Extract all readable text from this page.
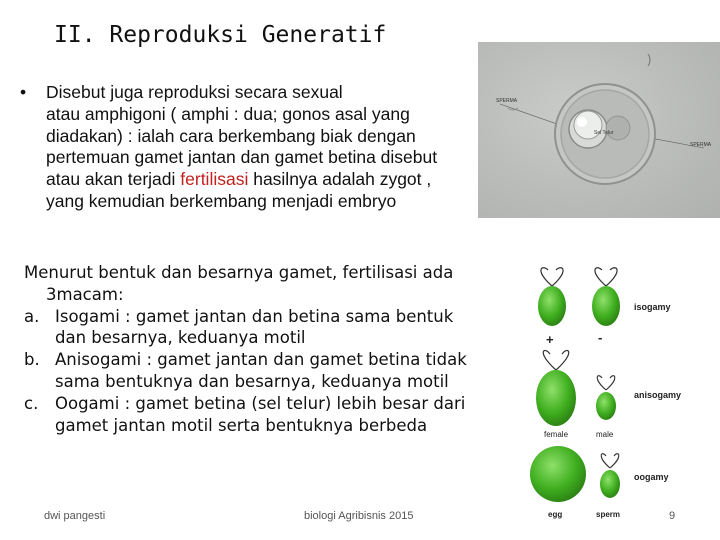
II. Reproduksi Generatif
• Disebut juga reproduksi secara sexual
atau amphigoni ( amphi : dua; gonos asal yang
diadakan) : ialah cara berkembang biak dengan
pertemuan gamet jantan dan gamet betina disebut
atau akan terjadi fertilisasi hasilnya adalah zygot ,
yang kemudian berkembang menjadi embryo
SPERMA
Sel Telur
SPERMA
Menurut bentuk dan besarnya gamet, fertilisasi ada
3macam:
a. Isogami : gamet jantan dan betina sama bentuk
dan besarnya, keduanya motil
b. Anisogami : gamet jantan dan gamet betina tidak
sama bentuknya dan besarnya, keduanya motil
c. Oogami : gamet betina (sel telur) lebih besar dari
gamet jantan motil serta bentuknya berbeda
+	-
isogamy
anisogamy
female	male
oogamy
egg	sperm
dwi pangesti	biologi Agribisnis 2015	9
